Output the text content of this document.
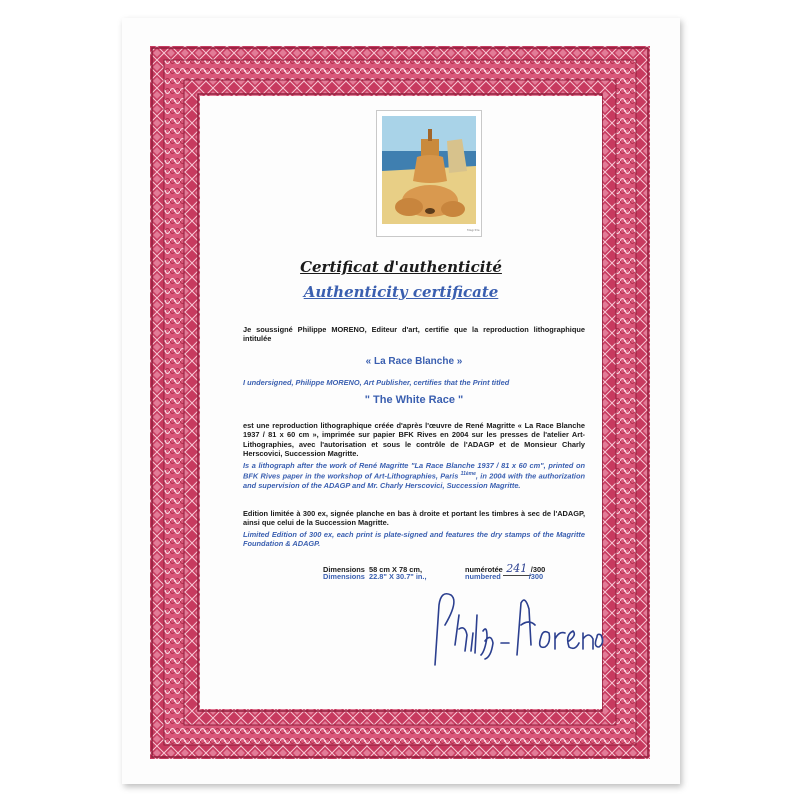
Magritte
Certificat d'authenticité
Authenticity certificate
Je soussigné Philippe MORENO, Editeur d'art, certifie que la reproduction lithographique intitulée
« La Race Blanche »
I undersigned, Philippe MORENO, Art Publisher, certifies that the Print titled
" The White Race "
est une reproduction lithographique créée d'après l'œuvre de René Magritte « La Race Blanche 1937 / 81 x 60 cm », imprimée sur papier BFK Rives en 2004 sur les presses de l'atelier Art-Lithographies, avec l'autorisation et sous le contrôle de l'ADAGP et de Monsieur Charly Herscovici, Succession Magritte.
Is a lithograph after the work of René Magritte "La Race Blanche 1937 / 81 x 60 cm", printed on BFK Rives paper in the workshop of Art-Lithographies, Paris $^{11ème}$, in 2004 with the authorization and supervision of the ADAGP and Mr. Charly Herscovici, Succession Magritte.
Edition limitée à 300 ex, signée planche en bas à droite et portant les timbres à sec de l'ADAGP, ainsi que celui de la Succession Magritte.
Limited Edition of 300 ex, each print is plate-signed and features the dry stamps of the Magritte Foundation & ADAGP.
Dimensions 58 cm X 78 cm,	numérotée 241 /300
Dimensions 22.8" X 30.7" in.,	numbered	/300
Philippe Moreno
